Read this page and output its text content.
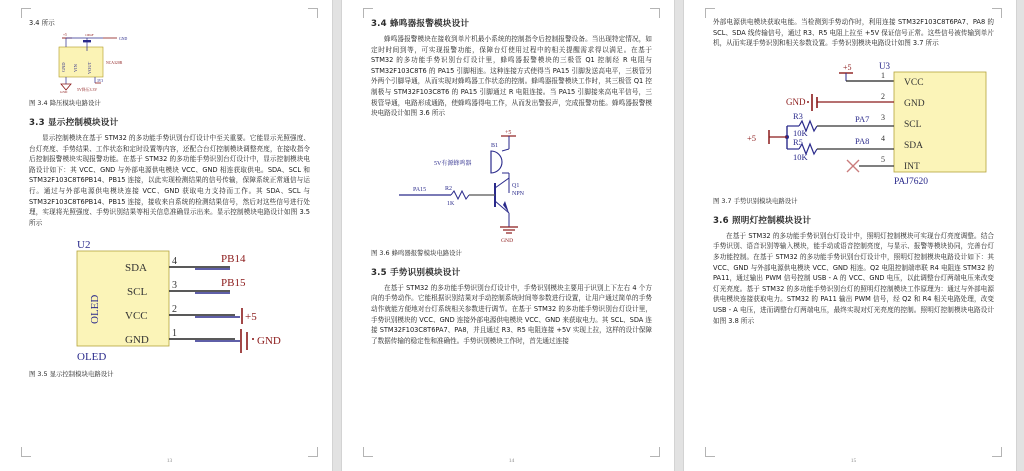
3.4 所示

GND VIN VOUT
+5	100nF
GND
NCA320R
3V3
GND 5V降压3.3V

图 3.4 降压模块电路设计

3.3 显示控制模块设计

显示控制模块在基于 STM32 的多功能手势识别台灯设计中至关重要。它能显示光照强度、台灯亮度、手势结果、工作状态和定时设置等内容，还配合台灯控制模块调整亮度，在接收指令后控制报警模块实现报警功能。在基于 STM32 的多功能手势识别台灯设计中，显示控制模块电路设计如下：其 VCC、GND 与外部电源供电模块 VCC、GND 相连获取供电。SDA、SCL 和 STM32F103C8T6PB14、PB15 连接，以此实现检测结果的信号传输，保障系统正常通信与运行。通过与外部电源供电模块连接 VCC、GND 获取电力支持而工作。其 SDA、SCL 与 STM32F103C8T6PB14、PB15 连接，接收来自系统的检测结果信号，然后对这些信号进行处理，实现将光照强度、手势识别结果等相关信息准确显示出来。显示控制模块电路设计如图 3.5 所示

U2
OLED
OLED
SDA
SCL
VCC
GND
4
3
2
1
PB14
PB15
+5
GND

图 3.5 显示控制模块电路设计

13
3.4 蜂鸣器报警模块设计

蜂鸣器报警模块在接收到单片机最小系统的控制指令后控制报警设备。当出现特定情况，如定时时间到等，可实现报警功能，保障台灯使用过程中的相关提醒需求得以满足。在基于 STM32 的多功能手势识别台灯设计里，蜂鸣器报警模块的三极管 Q1 控制经 R 电阻与 STM32F103C8T6 的 PA15 引脚相连。这种连接方式使得当 PA15 引脚发送高电平，三极管另外两个引脚导通，从而实现对蜂鸣器工作状态的控制。蜂鸣器报警模块工作时，其三极管 Q1 控制极与 STM32F103C8T6 的 PA15 引脚通过 R 电阻连接。当 PA15 引脚接来高电平信号，三极管导通，电路形成通路，使蜂鸣器得电工作，从而发出警报声，完成报警功能。蜂鸣器报警模块电路设计如图 3.6 所示

+5
B1
5V有源蜂鸣器
Q1
NPN
PA15	R2
1K
GND

图 3.6 蜂鸣器报警模块电路设计

3.5 手势识别模块设计

在基于 STM32 的多功能手势识别台灯设计中，手势识别模块主要用于识别上下左右 4 个方向的手势动作。它能根据识别结果对手动控制系统时间等参数进行设置，让用户通过简单的手势动作就能方便地对台灯系统相关参数进行调节。在基于 STM32 的多功能手势识别台灯设计里，手势识别模块的 VCC、GND 连接外部电源供电模块 VCC、GND 来获取电力。其 SCL、SDA 连接 STM32F103C8T6PA7、PA8，并且通过 R3、R5 电阻连接 +5V 实现上拉，这样的设计保障了数据传输的稳定性和准确性。手势识别模块工作时，首先通过连接

14

外部电源供电模块获取电能。当检测到手势动作时，利用连接 STM32F103C8T6PA7、PA8 的 SCL、SDA 线传输信号，通过 R3、R5 电阻上拉至 +5V 保证信号正常。这些信号被传输到单片机，从而实现手势识别和相关参数设置。手势识别模块电路设计如图 3.7 所示

+5	U3
VCC
GND
SCL
SDA
INT
PAJ7620
1
2
3
4
5
GND
R3
10K
PA7
R5
10K
PA8
+5

图 3.7 手势识别模块电路设计

3.6 照明灯控制模块设计

在基于 STM32 的多功能手势识别台灯设计中，照明灯控制模块可实现台灯亮度调整。结合手势识别、语音识别等输入模块，能手动或语音控制亮度，与显示、报警等模块协同，完善台灯多功能控制。在基于 STM32 的多功能手势识别台灯设计中，照明灯控制模块电路设计如下：其 VCC、GND 与外部电源供电模块 VCC、GND 相连。Q2 电阻控制端串联 R4 电阻连 STM32 的 PA11，通过输出 PWM 信号控制 USB - A 的 VCC、GND 电压，以此调整台灯两端电压来改变灯光亮度。基于 STM32 的多功能手势识别台灯的照明灯控制模块工作原理为：通过与外部电源供电模块连接获取电力。STM32 的 PA11 输出 PWM 信号，经 Q2 和 R4 相关电路处理，改变 USB - A 电压，进而调整台灯两端电压，最终实现对灯光亮度的控制。照明灯控制模块电路设计如图 3.8 所示

15
